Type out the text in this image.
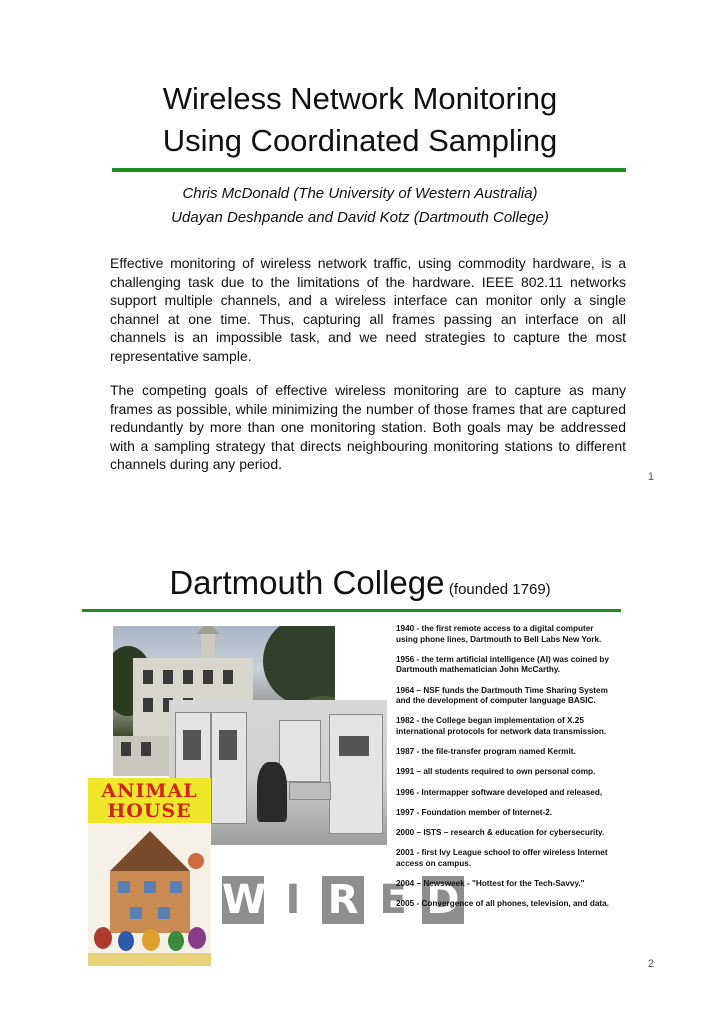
Wireless Network Monitoring
Using Coordinated Sampling
Chris McDonald (The University of Western Australia)
Udayan Deshpande and David Kotz (Dartmouth College)
Effective monitoring of wireless network traffic, using commodity hardware, is a challenging task due to the limitations of the hardware. IEEE 802.11 networks support multiple channels, and a wireless interface can monitor only a single channel at one time. Thus, capturing all frames passing an interface on all channels is an impossible task, and we need strategies to capture the most representative sample.
The competing goals of effective wireless monitoring are to capture as many frames as possible, while minimizing the number of those frames that are captured redundantly by more than one monitoring station. Both goals may be addressed with a sampling strategy that directs neighbouring monitoring stations to different channels during any period.
1
Dartmouth College (founded 1769)
ANIMAL
HOUSE
W I R E D
1940 - the first remote access to a digital computer
using phone lines, Dartmouth to Bell Labs New York.
1956 - the term artificial intelligence (AI) was coined by
Dartmouth mathematician John McCarthy.
1964 – NSF funds the Dartmouth Time Sharing System
and the development of computer language BASIC.
1982 - the College began implementation of X.25
international protocols for network data transmission.
1987 - the file-transfer program named Kermit.
1991 – all students required to own personal comp.
1996 - Intermapper software developed and released,
1997 - Foundation member of Internet-2.
2000 – ISTS – research & education for cybersecurity.
2001 - first Ivy League school to offer wireless Internet
access on campus.
2004 – Newsweek - "Hottest for the Tech-Savvy."
2005 - Convergence of all phones, television, and data.
2
